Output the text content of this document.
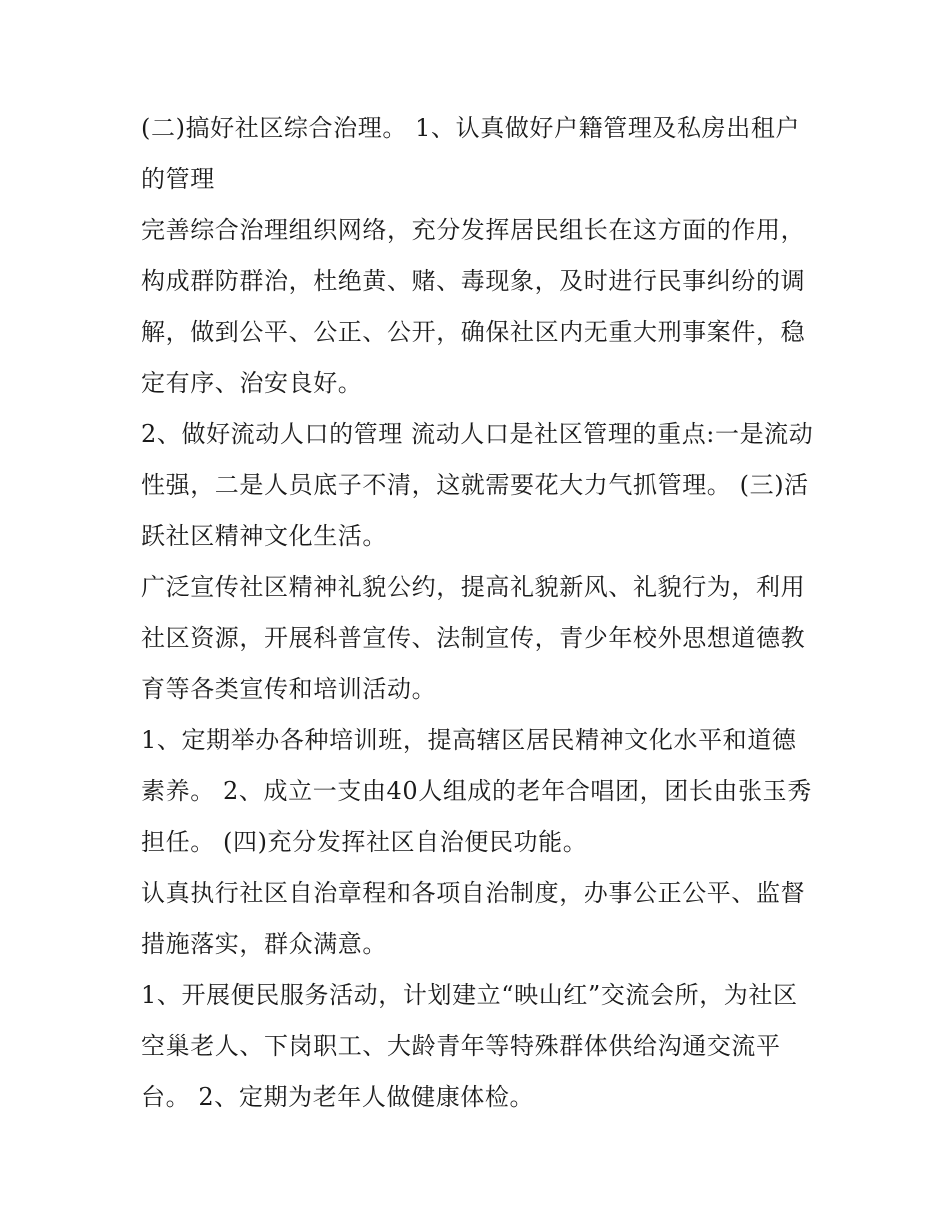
(二)搞好社区综合治理。 1、认真做好户籍管理及私房出租户的管理

完善综合治理组织网络，充分发挥居民组长在这方面的作用，构成群防群治，杜绝黄、赌、毒现象，及时进行民事纠纷的调解，做到公平、公正、公开，确保社区内无重大刑事案件，稳定有序、治安良好。

2、做好流动人口的管理 流动人口是社区管理的重点:一是流动性强，二是人员底子不清，这就需要花大力气抓管理。 (三)活跃社区精神文化生活。

广泛宣传社区精神礼貌公约，提高礼貌新风、礼貌行为，利用社区资源，开展科普宣传、法制宣传，青少年校外思想道德教育等各类宣传和培训活动。

1、定期举办各种培训班，提高辖区居民精神文化水平和道德素养。 2、成立一支由40人组成的老年合唱团，团长由张玉秀担任。 (四)充分发挥社区自治便民功能。

认真执行社区自治章程和各项自治制度，办事公正公平、监督措施落实，群众满意。

1、开展便民服务活动，计划建立“映山红”交流会所，为社区空巢老人、下岗职工、大龄青年等特殊群体供给沟通交流平台。 2、定期为老年人做健康体检。
